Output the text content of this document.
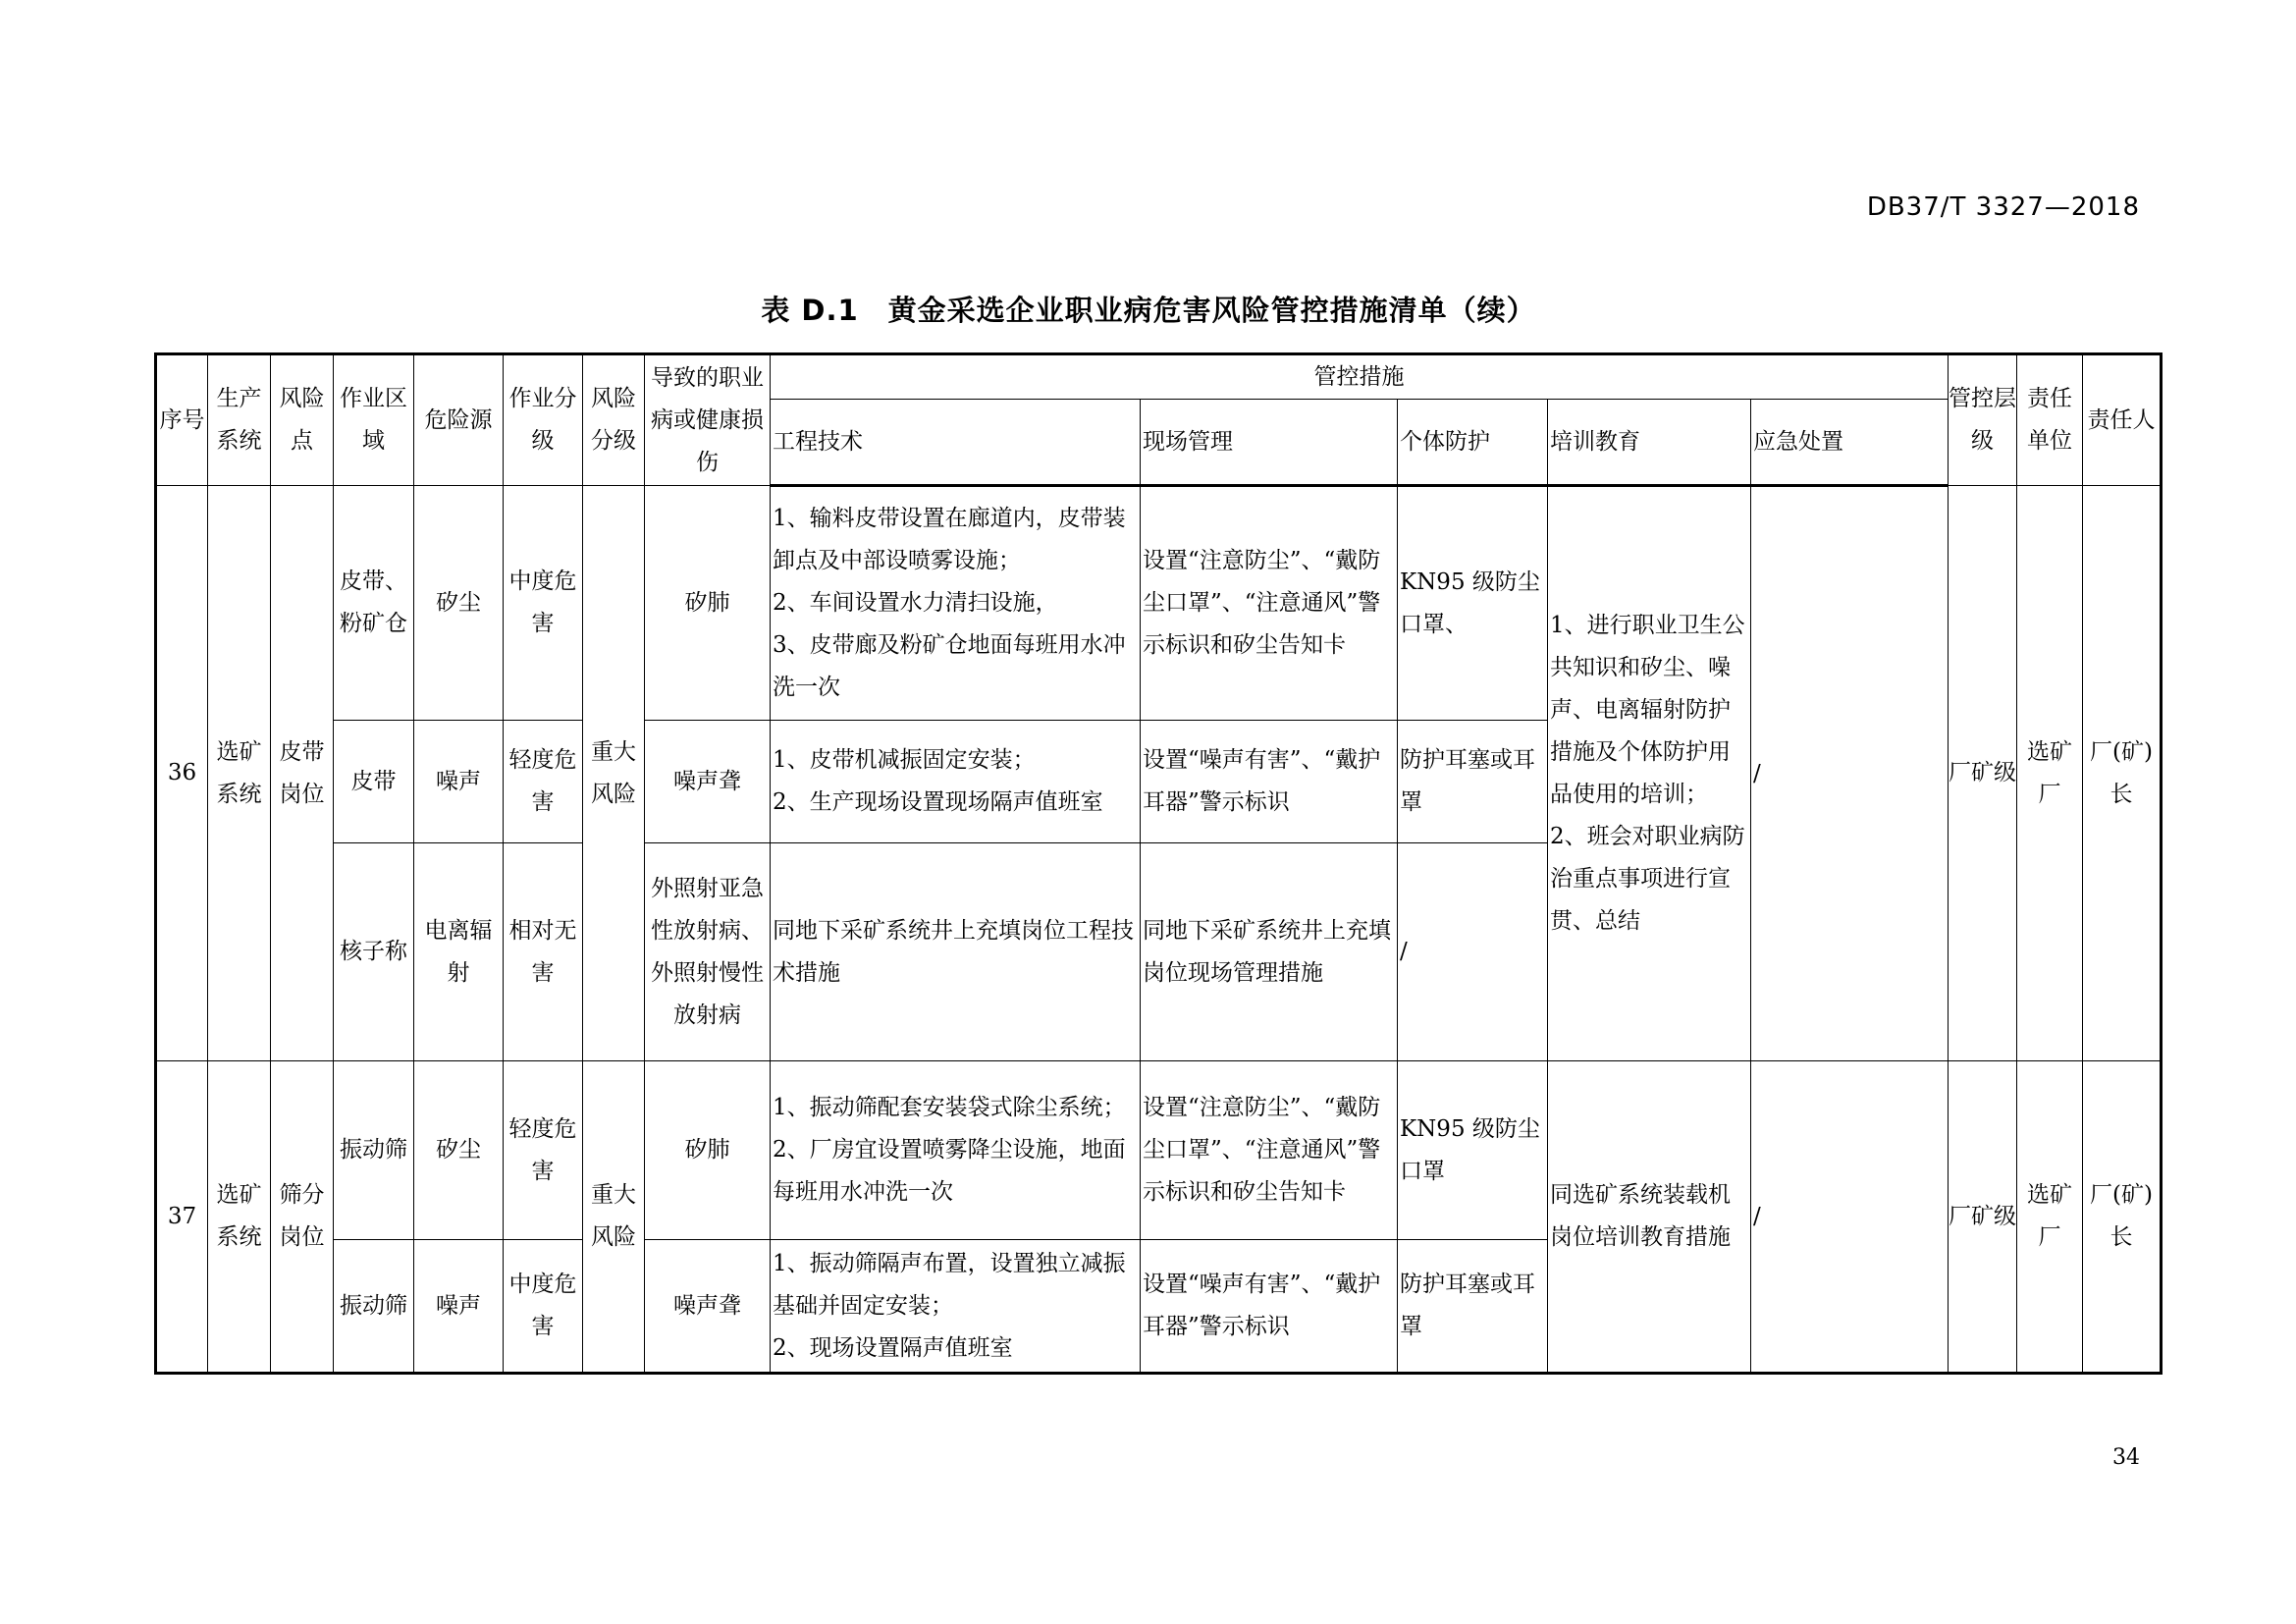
DB37/T 3327—2018
表 D.1　黄金采选企业职业病危害风险管控措施清单（续）
序号	生产系统	风险点	作业区域	危险源	作业分级	风险分级	导致的职业病或健康损伤	管控措施					管控层级	责任单位	责任人
								工程技术	现场管理	个体防护	培训教育	应急处置			
36	选矿系统	皮带岗位	皮带、粉矿仓	矽尘	中度危害	重大风险	矽肺	1、输料皮带设置在廊道内，皮带装卸点及中部设喷雾设施；
2、车间设置水力清扫设施，
3、皮带廊及粉矿仓地面每班用水冲洗一次	设置“注意防尘”、“戴防尘口罩”、“注意通风”警示标识和矽尘告知卡	KN95 级防尘口罩、	1、进行职业卫生公共知识和矽尘、噪声、电离辐射防护措施及个体防护用品使用的培训；
2、班会对职业病防治重点事项进行宣贯、总结	/	厂矿级	选矿厂	厂(矿)长
			皮带	噪声	轻度危害		噪声聋	1、皮带机减振固定安装；
2、生产现场设置现场隔声值班室	设置“噪声有害”、“戴护耳器”警示标识	防护耳塞或耳罩					
			核子称	电离辐射	相对无害		外照射亚急性放射病、外照射慢性放射病	同地下采矿系统井上充填岗位工程技术措施	同地下采矿系统井上充填岗位现场管理措施	/					
37	选矿系统	筛分岗位	振动筛	矽尘	轻度危害	重大风险	矽肺	1、振动筛配套安装袋式除尘系统；
2、厂房宜设置喷雾降尘设施，地面每班用水冲洗一次	设置“注意防尘”、“戴防尘口罩”、“注意通风”警示标识和矽尘告知卡	KN95 级防尘口罩	同选矿系统装载机岗位培训教育措施	/	厂矿级	选矿厂	厂(矿)长
			振动筛	噪声	中度危害		噪声聋	1、振动筛隔声布置，设置独立减振基础并固定安装；
2、现场设置隔声值班室	设置“噪声有害”、“戴护耳器”警示标识	防护耳塞或耳罩					
34
